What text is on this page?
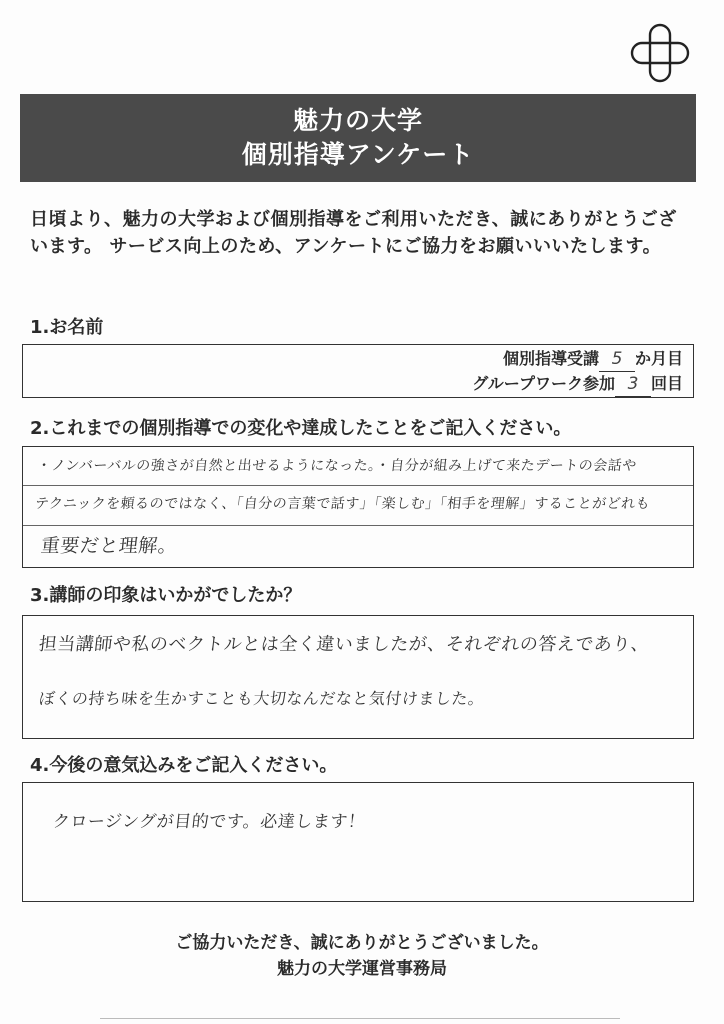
魅力の大学
個別指導アンケート
日頃より、魅力の大学および個別指導をご利用いただき、誠にありがとうございます。 サービス向上のため、アンケートにご協力をお願いいいたします。
1.お名前
個別指導受講 5 か月目
グループワーク参加 3 回目
2.これまでの個別指導での変化や達成したことをご記入ください。
・ノンバーバルの強さが自然と出せるようになった。・自分が組み上げて来たデートの会話や
テクニックを頼るのではなく、「自分の言葉で話す」「楽しむ」「相手を理解」することがどれも
重要だと理解。
3.講師の印象はいかがでしたか？
担当講師や私のベクトルとは全く違いましたが、それぞれの答えであり、
ぼくの持ち味を生かすことも大切なんだなと気付けました。
4.今後の意気込みをご記入ください。
クロージングが目的です。必達します！
ご協力いただき、誠にありがとうございました。
魅力の大学運営事務局
